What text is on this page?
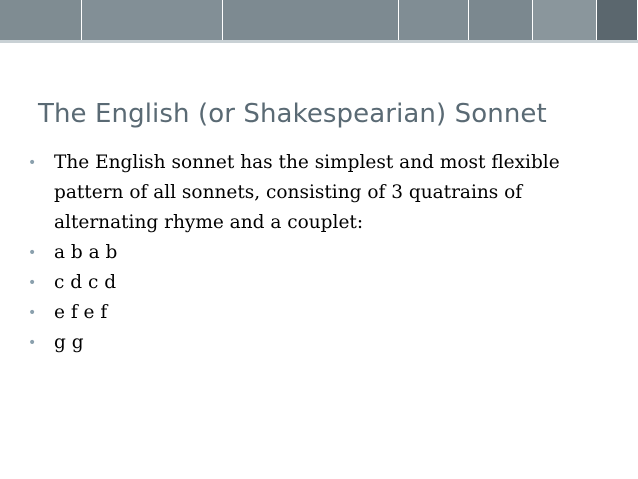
The English (or Shakespearian) Sonnet
• The English sonnet has the simplest and most flexible pattern of all sonnets, consisting of 3 quatrains of alternating rhyme and a couplet:
• a b a b
• c d c d
• e f e f
• g g
